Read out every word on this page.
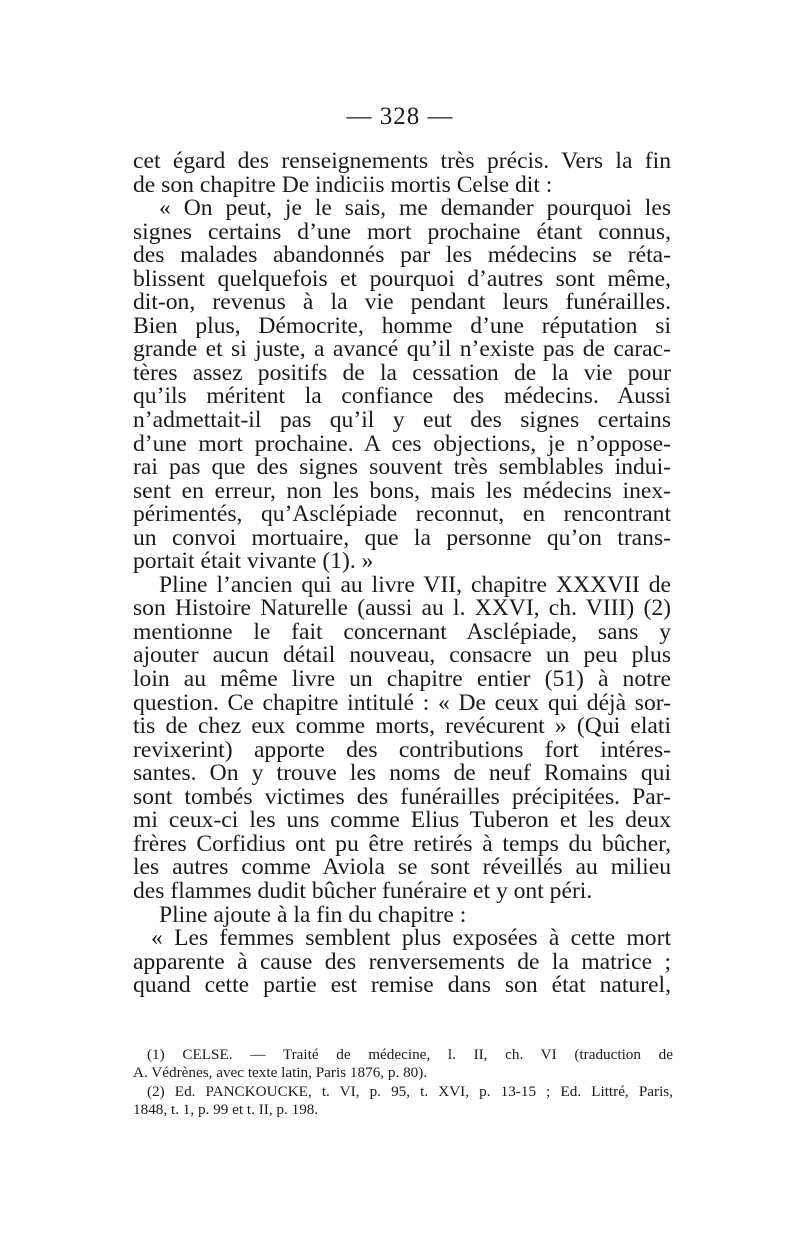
— 328 —
cet égard des renseignements très précis. Vers la fin
de son chapitre De indiciis mortis Celse dit :
« On peut, je le sais, me demander pourquoi les
signes certains d’une mort prochaine étant connus,
des malades abandonnés par les médecins se réta-
blissent quelquefois et pourquoi d’autres sont même,
dit-on, revenus à la vie pendant leurs funérailles.
Bien plus, Démocrite, homme d’une réputation si
grande et si juste, a avancé qu’il n’existe pas de carac-
tères assez positifs de la cessation de la vie pour
qu’ils méritent la confiance des médecins. Aussi
n’admettait-il pas qu’il y eut des signes certains
d’une mort prochaine. A ces objections, je n’oppose-
rai pas que des signes souvent très semblables indui-
sent en erreur, non les bons, mais les médecins inex-
périmentés, qu’Asclépiade reconnut, en rencontrant
un convoi mortuaire, que la personne qu’on trans-
portait était vivante (1). »
Pline l’ancien qui au livre VII, chapitre XXXVII de
son Histoire Naturelle (aussi au l. XXVI, ch. VIII) (2)
mentionne le fait concernant Asclépiade, sans y
ajouter aucun détail nouveau, consacre un peu plus
loin au même livre un chapitre entier (51) à notre
question. Ce chapitre intitulé : « De ceux qui déjà sor-
tis de chez eux comme morts, revécurent » (Qui elati
revixerint) apporte des contributions fort intéres-
santes. On y trouve les noms de neuf Romains qui
sont tombés victimes des funérailles précipitées. Par-
mi ceux-ci les uns comme Elius Tuberon et les deux
frères Corfidius ont pu être retirés à temps du bûcher,
les autres comme Aviola se sont réveillés au milieu
des flammes dudit bûcher funéraire et y ont péri.
Pline ajoute à la fin du chapitre :
« Les femmes semblent plus exposées à cette mort
apparente à cause des renversements de la matrice ;
quand cette partie est remise dans son état naturel,
(1) CELSE. — Traité de médecine, l. II, ch. VI (traduction de
A. Védrènes, avec texte latin, Paris 1876, p. 80).
(2) Ed. PANCKOUCKE, t. VI, p. 95, t. XVI, p. 13-15 ; Ed. Littré, Paris,
1848, t. 1, p. 99 et t. II, p. 198.
